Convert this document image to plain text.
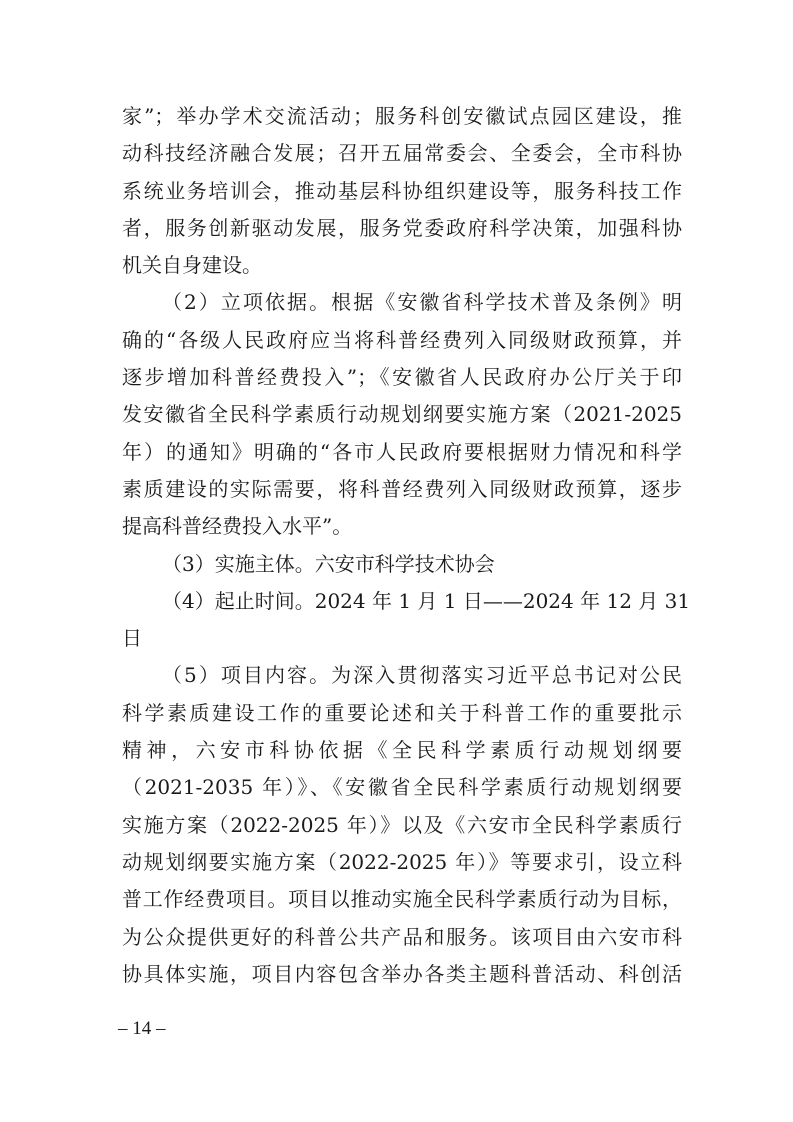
家”；举办学术交流活动；服务科创安徽试点园区建设，推
动科技经济融合发展；召开五届常委会、全委会，全市科协
系统业务培训会，推动基层科协组织建设等，服务科技工作
者，服务创新驱动发展，服务党委政府科学决策，加强科协
机关自身建设。
（2）立项依据。根据《安徽省科学技术普及条例》明
确的“各级人民政府应当将科普经费列入同级财政预算，并
逐步增加科普经费投入”；《安徽省人民政府办公厅关于印
发安徽省全民科学素质行动规划纲要实施方案（2021-2025
年）的通知》明确的“各市人民政府要根据财力情况和科学
素质建设的实际需要，将科普经费列入同级财政预算，逐步
提高科普经费投入水平”。
（3）实施主体。六安市科学技术协会
（4）起止时间。2024 年 1 月 1 日——2024 年 12 月 31
日
（5）项目内容。为深入贯彻落实习近平总书记对公民
科学素质建设工作的重要论述和关于科普工作的重要批示
精神，六安市科协依据《全民科学素质行动规划纲要
（2021-2035 年）》、《安徽省全民科学素质行动规划纲要
实施方案（2022-2025 年）》以及《六安市全民科学素质行
动规划纲要实施方案（2022-2025 年）》等要求引，设立科
普工作经费项目。项目以推动实施全民科学素质行动为目标，
为公众提供更好的科普公共产品和服务。该项目由六安市科
协具体实施，项目内容包含举办各类主题科普活动、科创活
– 14 –
